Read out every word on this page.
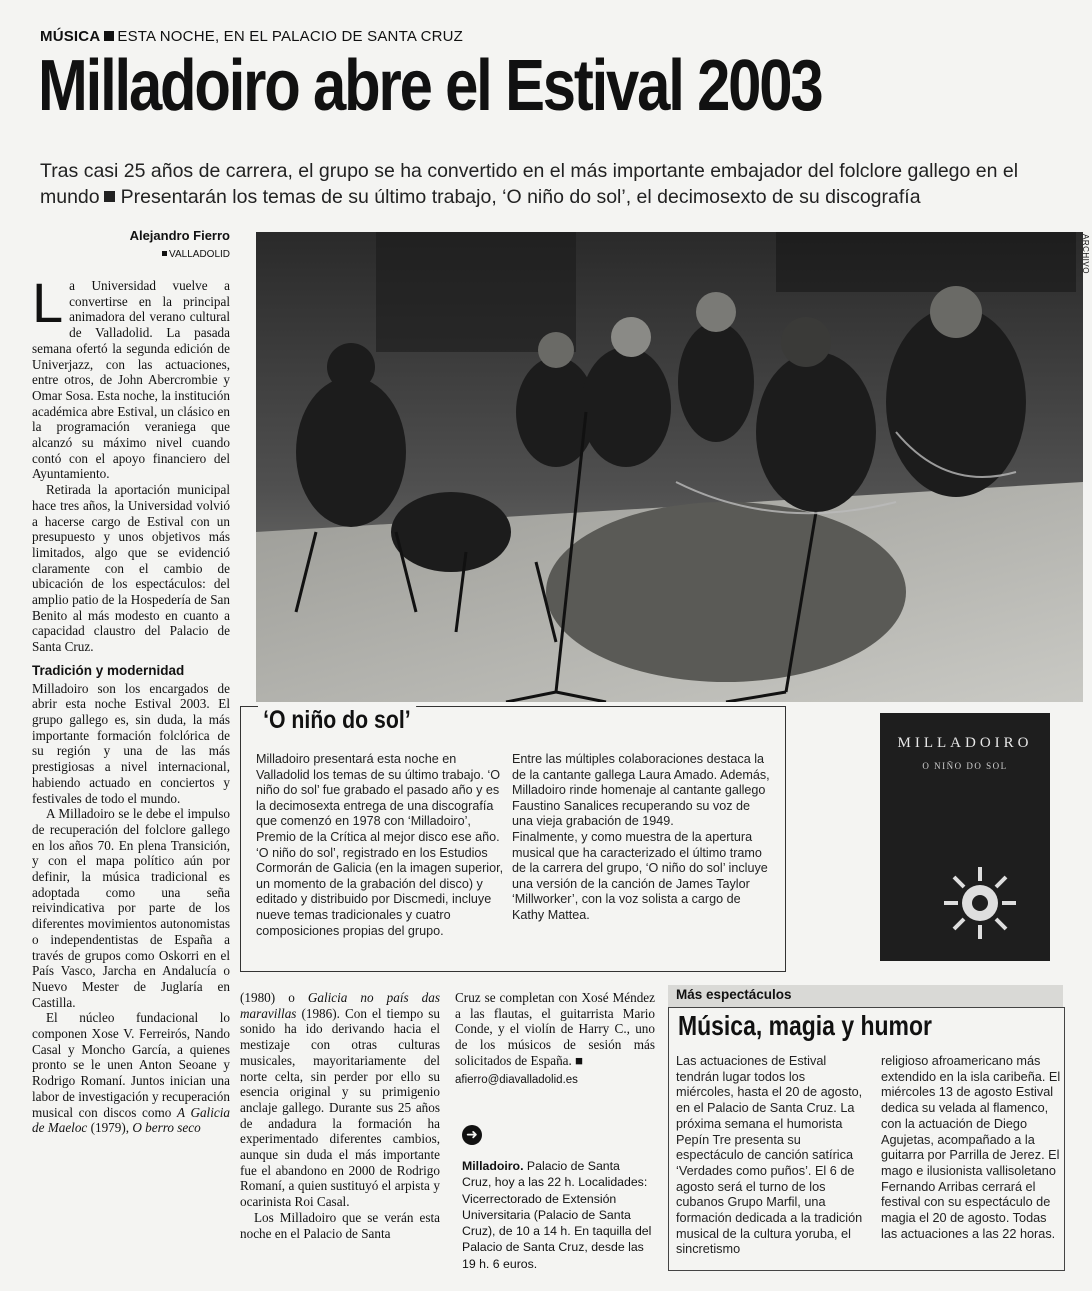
MÚSICA ESTA NOCHE, EN EL PALACIO DE SANTA CRUZ
Milladoiro abre el Estival 2003
Tras casi 25 años de carrera, el grupo se ha convertido en el más importante embajador del folclore gallego en el mundo Presentarán los temas de su último trabajo, ‘O niño do sol’, el decimosexto de su discografía
Alejandro Fierro
VALLADOLID

La Universidad vuelve a convertirse en la principal animadora del verano cultural de Valladolid. La pasada semana ofertó la segunda edición de Univerjazz, con las actuaciones, entre otros, de John Abercrombie y Omar Sosa. Esta noche, la institución académica abre Estival, un clásico en la programación veraniega que alcanzó su máximo nivel cuando contó con el apoyo financiero del Ayuntamiento.

Retirada la aportación municipal hace tres años, la Universidad volvió a hacerse cargo de Estival con un presupuesto y unos objetivos más limitados, algo que se evidenció claramente con el cambio de ubicación de los espectáculos: del amplio patio de la Hospedería de San Benito al más modesto en cuanto a capacidad claustro del Palacio de Santa Cruz.

Tradición y modernidad

Milladoiro son los encargados de abrir esta noche Estival 2003. El grupo gallego es, sin duda, la más importante formación folclórica de su región y una de las más prestigiosas a nivel internacional, habiendo actuado en conciertos y festivales de todo el mundo.

A Milladoiro se le debe el impulso de recuperación del folclore gallego en los años 70. En plena Transición, y con el mapa político aún por definir, la música tradicional es adoptada como una seña reivindicativa por parte de los diferentes movimientos autonomistas o independentistas de España a través de grupos como Oskorri en el País Vasco, Jarcha en Andalucía o Nuevo Mester de Juglaría en Castilla.

El núcleo fundacional lo componen Xose V. Ferreirós, Nando Casal y Moncho García, a quienes pronto se le unen Anton Seoane y Rodrigo Romaní. Juntos inician una labor de investigación y recuperación musical con discos como A Galicia de Maeloc (1979), O berro seco

ARCHIVO
‘O niño do sol’

Milladoiro presentará esta noche en Valladolid los temas de su último trabajo. ‘O niño do sol’ fue grabado el pasado año y es la decimosexta entrega de una discografía que comenzó en 1978 con ‘Milladoiro’, Premio de la Crítica al mejor disco ese año.

‘O niño do sol’, registrado en los Estudios Cormorán de Galicia (en la imagen superior, un momento de la grabación del disco) y editado y distribuido por Discmedi, incluye nueve temas tradicionales y cuatro composiciones propias del grupo.

Entre las múltiples colaboraciones destaca la de la cantante gallega Laura Amado. Además, Milladoiro rinde homenaje al cantante gallego Faustino Sanalices recuperando su voz de una vieja grabación de 1949.

Finalmente, y como muestra de la apertura musical que ha caracterizado el último tramo de la carrera del grupo, ‘O niño do sol’ incluye una versión de la canción de James Taylor ‘Millworker’, con la voz solista a cargo de Kathy Mattea.

MILLADOIRO
O NIÑO DO SOL

(1980) o Galicia no país das maravillas (1986). Con el tiempo su sonido ha ido derivando hacia el mestizaje con otras culturas musicales, mayoritariamente del norte celta, sin perder por ello su esencia original y su primigenio anclaje gallego. Durante sus 25 años de andadura la formación ha experimentado diferentes cambios, aunque sin duda el más importante fue el abandono en 2000 de Rodrigo Romaní, a quien sustituyó el arpista y ocarinista Roi Casal.

Los Milladoiro que se verán esta noche en el Palacio de Santa

Cruz se completan con Xosé Méndez a las flautas, el guitarrista Mario Conde, y el violín de Harry C., uno de los músicos de sesión más solicitados de España. ■

afierro@diavalladolid.es
➜
Milladoiro. Palacio de Santa Cruz, hoy a las 22 h. Localidades: Vicerrectorado de Extensión Universitaria (Palacio de Santa Cruz), de 10 a 14 h. En taquilla del Palacio de Santa Cruz, desde las 19 h. 6 euros.
Más espectáculos
Música, magia y humor
Las actuaciones de Estival tendrán lugar todos los miércoles, hasta el 20 de agosto, en el Palacio de Santa Cruz. La próxima semana el humorista Pepín Tre presenta su espectáculo de canción satírica ‘Verdades como puños’. El 6 de agosto será el turno de los cubanos Grupo Marfil, una formación dedicada a la tradición musical de la cultura yoruba, el sincretismo
religioso afroamericano más extendido en la isla caribeña. El miércoles 13 de agosto Estival dedica su velada al flamenco, con la actuación de Diego Agujetas, acompañado a la guitarra por Parrilla de Jerez. El mago e ilusionista vallisoletano Fernando Arribas cerrará el festival con su espectáculo de magia el 20 de agosto. Todas las actuaciones a las 22 horas.
